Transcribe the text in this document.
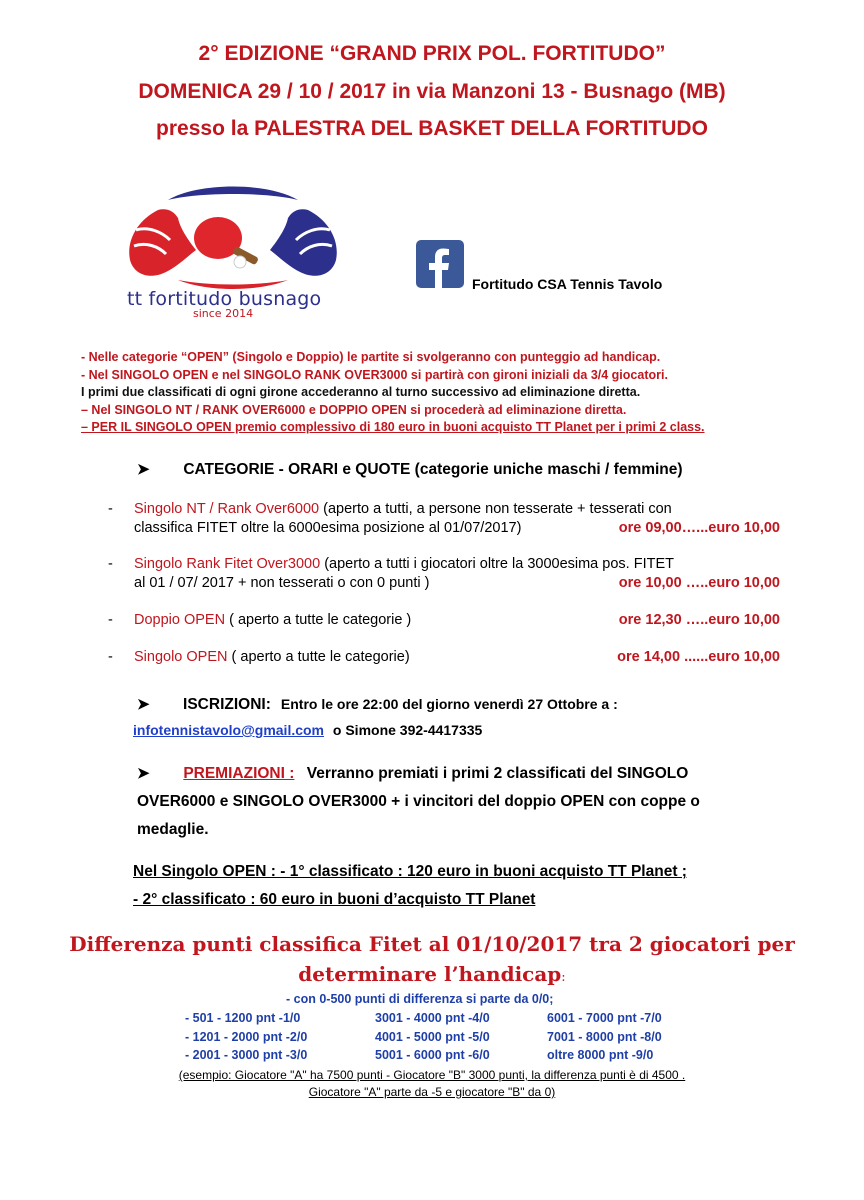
2° EDIZIONE “GRAND PRIX POL. FORTITUDO”
DOMENICA 29 / 10 / 2017 in via Manzoni 13 - Busnago (MB)
presso la PALESTRA DEL BASKET DELLA FORTITUDO
tt fortitudo busnago
since 2014
Fortitudo CSA Tennis Tavolo
- Nelle categorie “OPEN” (Singolo e Doppio) le partite si svolgeranno con punteggio ad handicap.
- Nel SINGOLO OPEN e nel SINGOLO RANK OVER3000 si partirà con gironi iniziali da 3/4 giocatori.
I primi due classificati di ogni girone accederanno al turno successivo ad eliminazione diretta.
– Nel SINGOLO NT / RANK OVER6000 e DOPPIO OPEN si procederà ad eliminazione diretta.
– PER IL SINGOLO OPEN premio complessivo di 180 euro in buoni acquisto TT Planet per i primi 2 class.
➤ CATEGORIE - ORARI e QUOTE (categorie uniche maschi / femmine)
- Singolo NT / Rank Over6000 (aperto a tutti, a persone non tesserate + tesserati con
classifica FITET oltre la 6000esima posizione al 01/07/2017)	ore 09,00…...euro 10,00
- Singolo Rank Fitet Over3000 (aperto a tutti i giocatori oltre la 3000esima pos. FITET
al 01 / 07/ 2017 + non tesserati o con 0 punti )	ore 10,00 …..euro 10,00
- Doppio OPEN ( aperto a tutte le categorie )	ore 12,30 …..euro 10,00
- Singolo OPEN ( aperto a tutte le categorie)	ore 14,00 ......euro 10,00
➤ ISCRIZIONI: Entro le ore 22:00 del giorno venerdì 27 Ottobre a :
infotennistavolo@gmail.com o Simone 392-4417335
➤ PREMIAZIONI : Verranno premiati i primi 2 classificati del SINGOLO
OVER6000 e SINGOLO OVER3000 + i vincitori del doppio OPEN con coppe o
medaglie.
Nel Singolo OPEN : - 1° classificato : 120 euro in buoni acquisto TT Planet ;
- 2° classificato : 60 euro in buoni d’acquisto TT Planet
Differenza punti classifica Fitet al 01/10/2017 tra 2 giocatori per
determinare l’handicap:
- con 0-500 punti di differenza si parte da 0/0;
- 501 - 1200 pnt -1/0	3001 - 4000 pnt -4/0	6001 - 7000 pnt -7/0
- 1201 - 2000 pnt -2/0	4001 - 5000 pnt -5/0	7001 - 8000 pnt -8/0
- 2001 - 3000 pnt -3/0	5001 - 6000 pnt -6/0	oltre 8000 pnt -9/0
(esempio: Giocatore "A" ha 7500 punti - Giocatore "B" 3000 punti, la differenza punti è di 4500 .
Giocatore "A" parte da -5 e giocatore "B" da 0)
